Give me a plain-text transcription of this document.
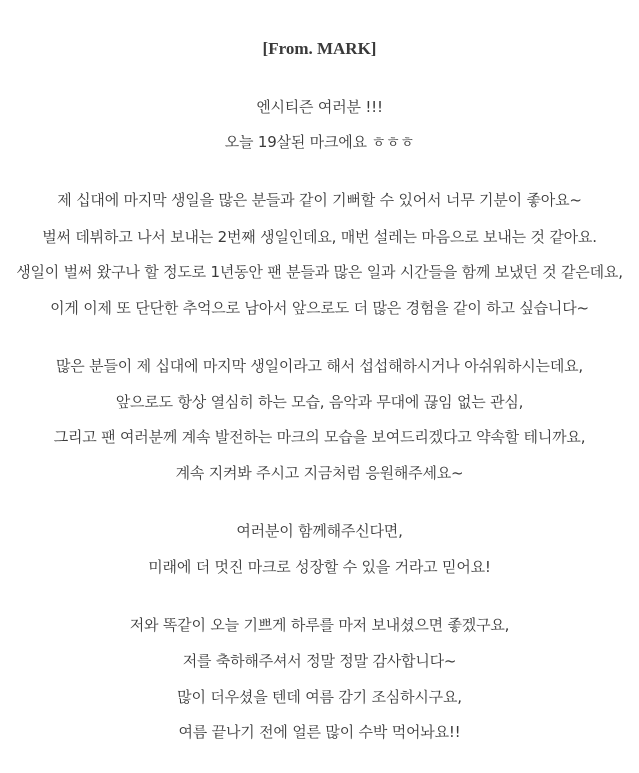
[From. MARK]
엔시티즌 여러분 !!!
오늘 19살된 마크에요 ㅎㅎㅎ
제 십대에 마지막 생일을 많은 분들과 같이 기뻐할 수 있어서 너무 기분이 좋아요~
벌써 데뷔하고 나서 보내는 2번째 생일인데요, 매번 설레는 마음으로 보내는 것 같아요.
생일이 벌써 왔구나 할 정도로 1년동안 팬 분들과 많은 일과 시간들을 함께 보냈던 것 같은데요,
이게 이제 또 단단한 추억으로 남아서 앞으로도 더 많은 경험을 같이 하고 싶습니다~
많은 분들이 제 십대에 마지막 생일이라고 해서 섭섭해하시거나 아쉬워하시는데요,
앞으로도 항상 열심히 하는 모습, 음악과 무대에 끊임 없는 관심,
그리고 팬 여러분께 계속 발전하는 마크의 모습을 보여드리겠다고 약속할 테니까요,
계속 지켜봐 주시고 지금처럼 응원해주세요~
여러분이 함께해주신다면,
미래에 더 멋진 마크로 성장할 수 있을 거라고 믿어요!
저와 똑같이 오늘 기쁘게 하루를 마저 보내셨으면 좋겠구요,
저를 축하해주셔서 정말 정말 감사합니다~
많이 더우셨을 텐데 여름 감기 조심하시구요,
여름 끝나기 전에 얼른 많이 수박 먹어놔요!!
